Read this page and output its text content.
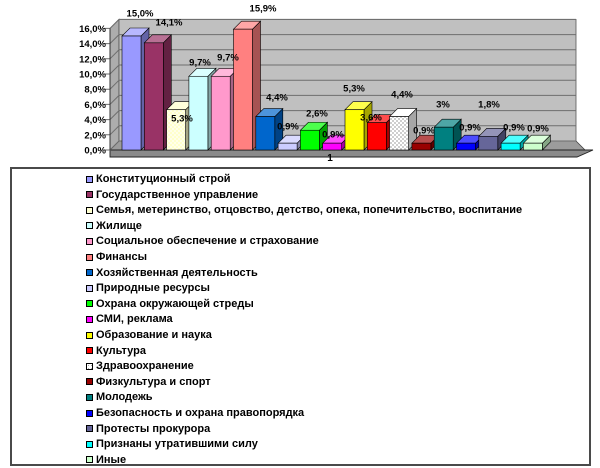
0,0%
2,0%
4,0%
6,0%
8,0%
10,0%
12,0%
14,0%
16,0%
15,0%
14,1%
5,3%
9,7% 9,7%
15,9%
4,4%
0,9%
2,6%
0,9%
5,3%
3,6%
4,4%
0,9%
3%
0,9%
1,8%
0,9% 0,9%
1
Конституционный строй
Государственное управление
Семья, метеринство, отцовство, детство, опека, попечительство, воспитание
Жилище
Социальное обеспечение и страхование
Финансы
Хозяйственная деятельность
Природные ресурсы
Охрана окружающей стреды
СМИ, реклама
Образование и наука
Культура
Здравоохранение
Физкультура и спорт
Молодежь
Безопасность и охрана правопорядка
Протесты прокурора
Признаны утратившими силу
Иные
